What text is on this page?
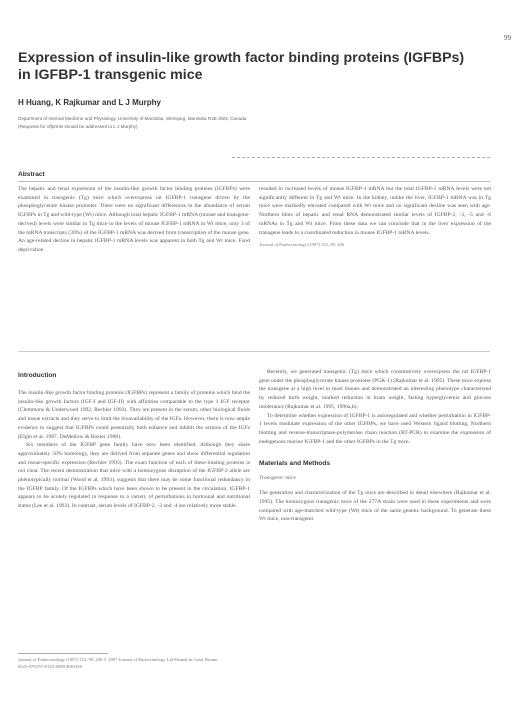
99
Expression of insulin-like growth factor binding proteins (IGFBPs)
in IGFBP-1 transgenic mice
H Huang, K Rajkumar and L J Murphy
Department of Internal Medicine and Physiology, University of Manitoba, Winnipeg, Manitoba R3E 3W3, Canada
(Requests for offprints should be addressed to L J Murphy)
Abstract
The hepatic and renal expression of the insulin-like growth factor binding proteins (IGFBPs) were examined in transgenic (Tg) mice which overexpress rat IGFBP-1 transgene driven by the phosphoglycerate kinase promoter. There were no significant differences in the abundance of serum IGFBPs in Tg and wild-type (Wt) mice. Although total hepatic IGFBP-1 mRNA (mouse and transgene-derived) levels were similar in Tg mice to the levels of mouse IGFBP-1 mRNA in Wt mice, only 3 of the mRNA transcripts (30%) of the IGFBP-1 mRNA was derived from transcription of the mouse gene. An age-related decline in hepatic IGFBP-1 mRNA levels was apparent in both Tg and Wt mice. Food deprivation
resulted in increased levels of mouse IGFBP-1 mRNA but the total IGFBP-1 mRNA levels were not significantly different in Tg and Wt mice. In the kidney, unlike the liver, IGFBP-1 mRNA was in Tg mice were markedly elevated compared with Wt mice and no significant decline was seen with age. Northern blots of hepatic and renal RNA demonstrated similar levels of IGFBP-2, -3, -5 and -6 mRNAs in Tg and Wt mice. From these data we can conclude that in the liver expression of the transgene leads to a coordinated reduction in mouse IGFBP-1 mRNA levels.
Journal of Endocrinology (1997) 152, 99–106
Introduction
The insulin-like growth factor binding proteins (IGFBPs) represent a family of proteins which bind the insulin-like growth factors (IGF-I and IGF-II) with affinities comparable to the type 1 IGF receptor (Clemmons & Underwood 1992, Rechler 1993). They are present in the serum, other biological fluids and tissue extracts and they serve to limit the bioavailability of the IGFs. However, there is now ample evidence to suggest that IGFBPs could potentially both enhance and inhibit the actions of the IGFs (Elgin et al. 1987, DeMellow & Baxter 1988).
Six members of the IGFBP gene family have now been identified. Although they share approximately 50% homology, they are derived from separate genes and show differential regulation and tissue-specific expression (Rechler 1993). The exact function of each of these binding proteins is not clear. The recent demonstration that mice with a homozygous disruption of the IGFBP-2 allele are phenotypically normal (Wood et al. 1993), suggests that there may be some functional redundancy in the IGFBP family. Of the IGFBPs which have been shown to be present in the circulation, IGFBP-1 appears to be acutely regulated in response to a variety of perturbations in hormonal and nutritional status (Lee et al. 1993). In contrast, serum levels of IGFBP-2, -3 and -4 are relatively more stable.
Recently, we generated transgenic (Tg) mice which constitutively overexpress the rat IGFBP-1 gene under the phosphoglycerate kinase promoter (PGK-1) (Rajkumar et al. 1995). These mice express the transgene at a high level in most tissues and demonstrated an interesting phenotype characterized by reduced birth weight, marked reduction in brain weight, fasting hyperglycemia and glucose intolerance (Rajkumar et al. 1995, 1996a,b).
To determine whether expression of IGFBP-1 is autoregulated and whether perturbation in IGFBP-1 levels modulate expression of the other IGFBPs, we have used Western ligand blotting, Northern blotting and reverse-transcriptase-polymerase chain reaction (RT-PCR) to examine the expression of endogenous murine IGFBP-1 and the other IGFBPs in the Tg mice.
Materials and Methods
Transgenic mice
The generation and characterization of the Tg mice are described in detail elsewhere (Rajkumar et al. 1995). The homozygous transgenic mice of the 277A strain were used in these experiments and were compared with age-matched wild-type (Wt) mice of the same genetic background. To generate these Wt mice, non-transgenic
Journal of Endocrinology (1997) 152, 99–106 © 1997 Journal of Endocrinology Ltd Printed in Great Britain
0022-0795/97/0152-0099 $08.00/0
